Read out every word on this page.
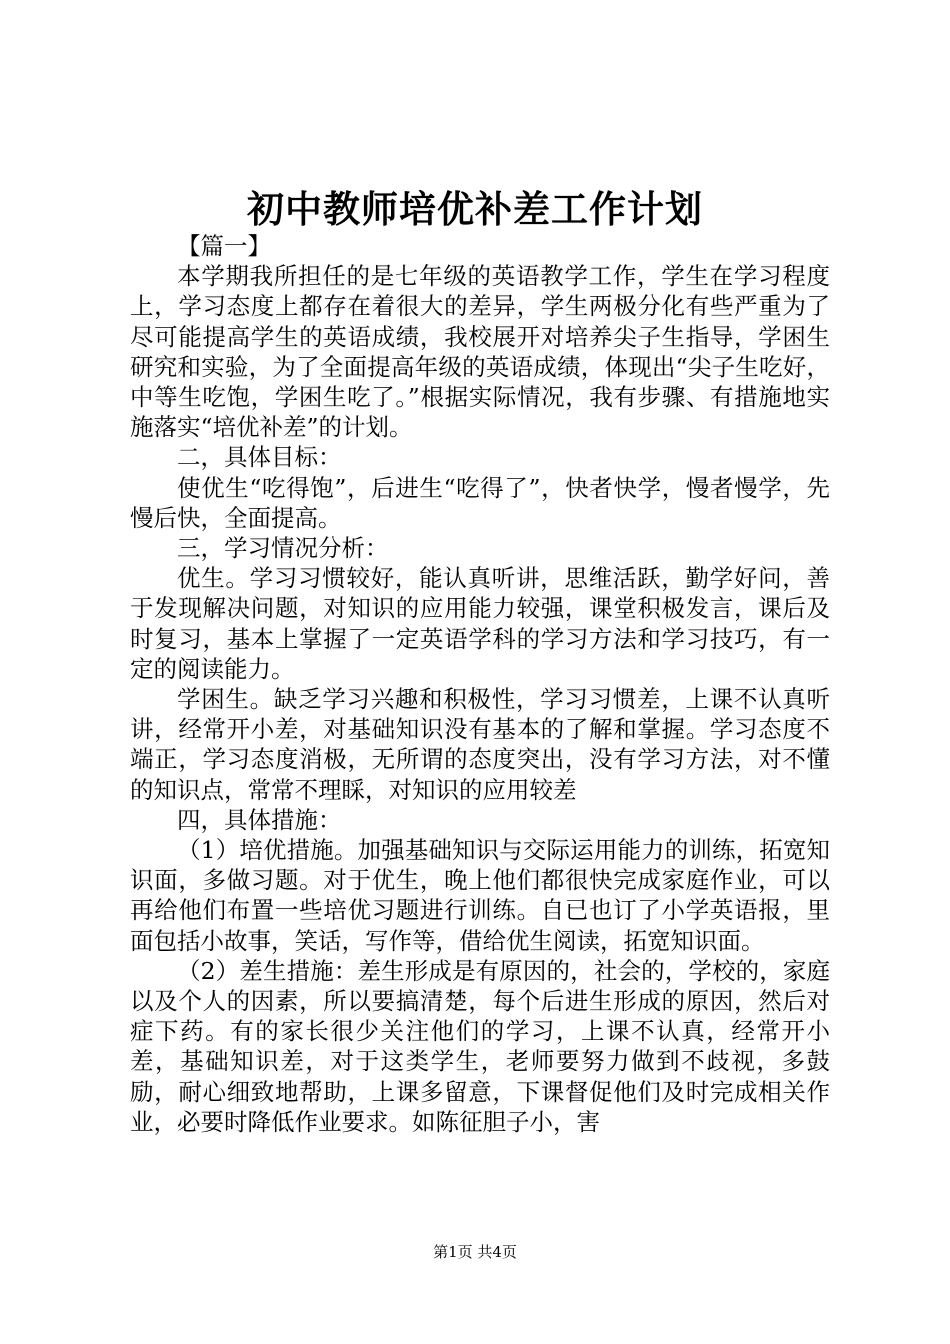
初中教师培优补差工作计划

【篇一】

本学期我所担任的是七年级的英语教学工作，学生在学习程度上，学习态度上都存在着很大的差异，学生两极分化有些严重为了尽可能提高学生的英语成绩，我校展开对培养尖子生指导，学困生研究和实验，为了全面提高年级的英语成绩，体现出“尖子生吃好，中等生吃饱，学困生吃了。”根据实际情况，我有步骤、有措施地实施落实“培优补差”的计划。

二，具体目标：

使优生“吃得饱”，后进生“吃得了”，快者快学，慢者慢学，先慢后快，全面提高。

三，学习情况分析：

优生。学习习惯较好，能认真听讲，思维活跃，勤学好问，善于发现解决问题，对知识的应用能力较强，课堂积极发言，课后及时复习，基本上掌握了一定英语学科的学习方法和学习技巧，有一定的阅读能力。

学困生。缺乏学习兴趣和积极性，学习习惯差，上课不认真听讲，经常开小差，对基础知识没有基本的了解和掌握。学习态度不端正，学习态度消极，无所谓的态度突出，没有学习方法，对不懂的知识点，常常不理睬，对知识的应用较差

四，具体措施：

（1）培优措施。加强基础知识与交际运用能力的训练，拓宽知识面，多做习题。对于优生，晚上他们都很快完成家庭作业，可以再给他们布置一些培优习题进行训练。自已也订了小学英语报，里面包括小故事，笑话，写作等，借给优生阅读，拓宽知识面。

（2）差生措施：差生形成是有原因的，社会的，学校的，家庭以及个人的因素，所以要搞清楚，每个后进生形成的原因，然后对症下药。有的家长很少关注他们的学习，上课不认真，经常开小差，基础知识差，对于这类学生，老师要努力做到不歧视，多鼓励，耐心细致地帮助，上课多留意，下课督促他们及时完成相关作业，必要时降低作业要求。如陈征胆子小，害

第1页 共4页
